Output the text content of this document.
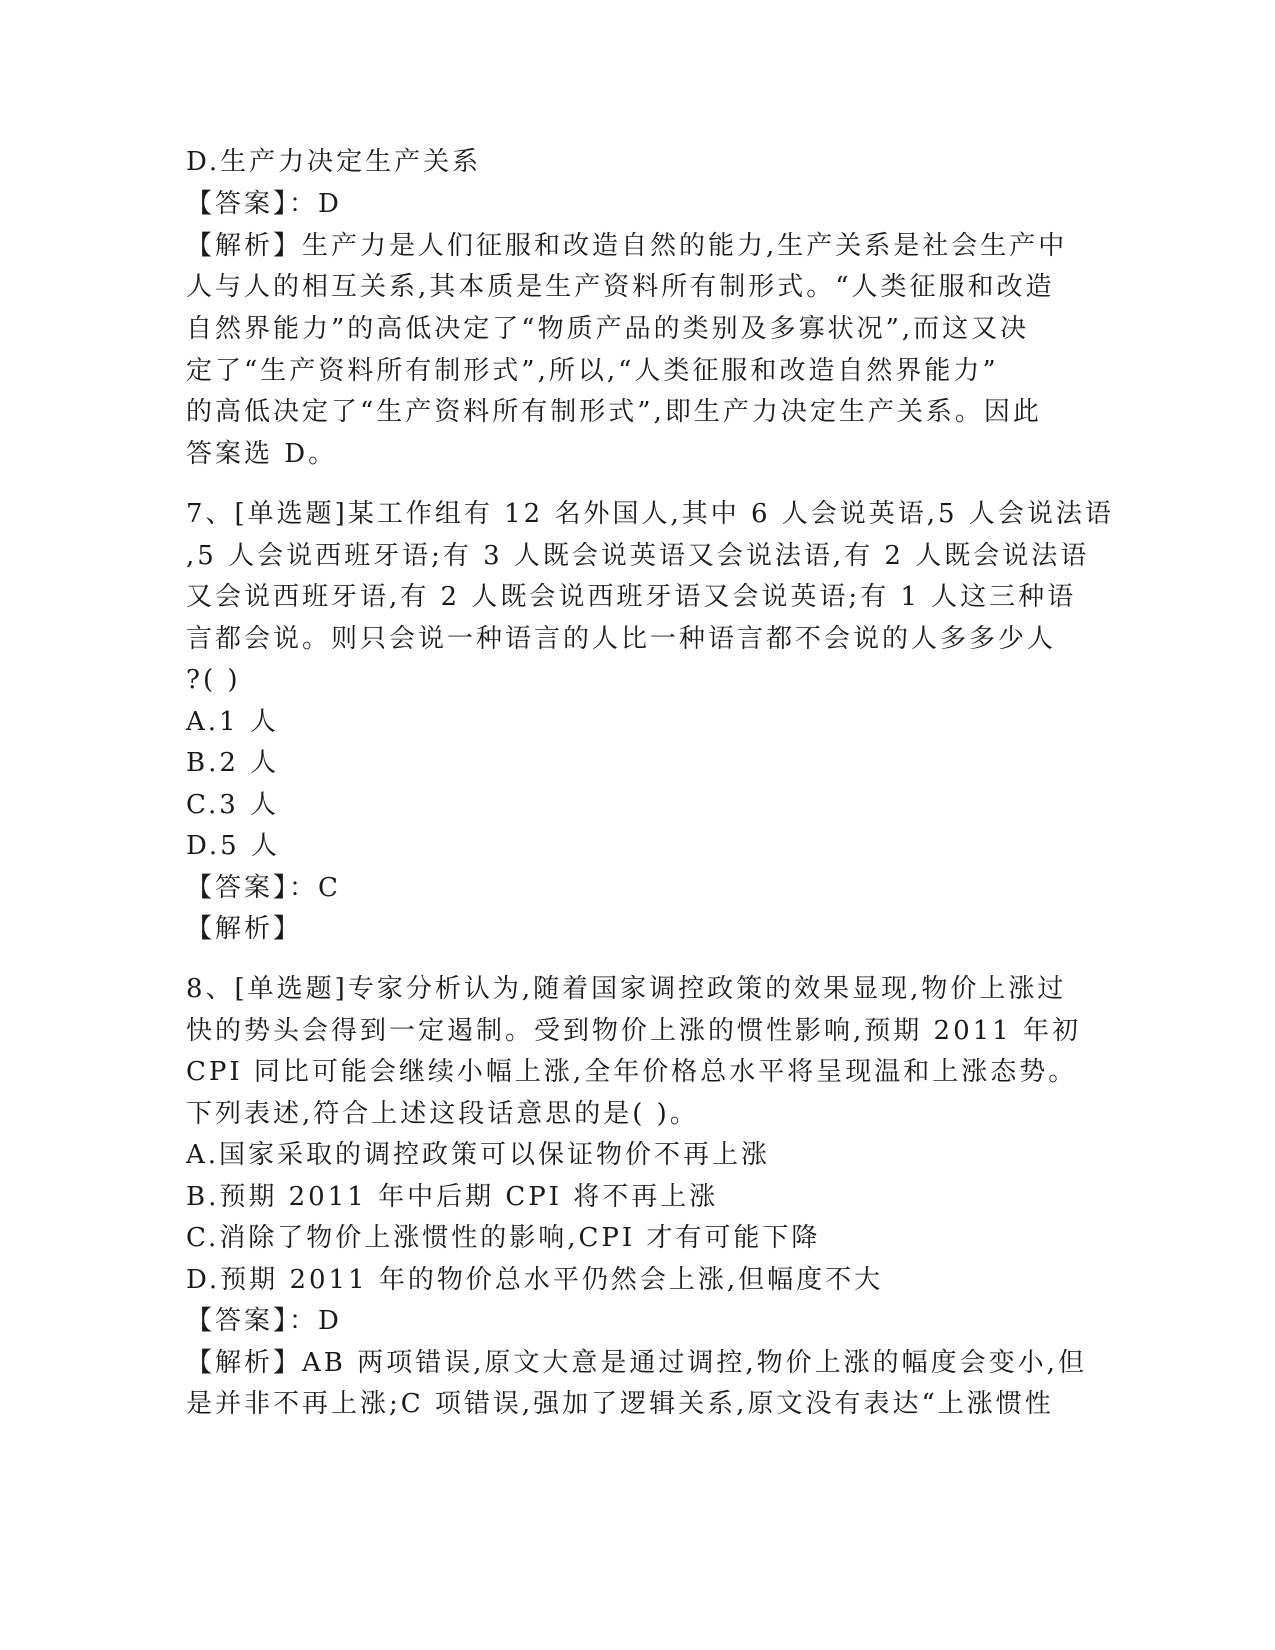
D.生产力决定生产关系
【答案】：D
【解析】生产力是人们征服和改造自然的能力,生产关系是社会生产中
人与人的相互关系,其本质是生产资料所有制形式。“人类征服和改造
自然界能力”的高低决定了“物质产品的类别及多寡状况”,而这又决
定了“生产资料所有制形式”,所以,“人类征服和改造自然界能力”
的高低决定了“生产资料所有制形式”,即生产力决定生产关系。因此
答案选 D。
7、[单选题]某工作组有 12 名外国人,其中 6 人会说英语,5 人会说法语
,5 人会说西班牙语;有 3 人既会说英语又会说法语,有 2 人既会说法语
又会说西班牙语,有 2 人既会说西班牙语又会说英语;有 1 人这三种语
言都会说。则只会说一种语言的人比一种语言都不会说的人多多少人
?( )
A.1 人
B.2 人
C.3 人
D.5 人
【答案】：C
【解析】
8、[单选题]专家分析认为,随着国家调控政策的效果显现,物价上涨过
快的势头会得到一定遏制。受到物价上涨的惯性影响,预期 2011 年初
CPI 同比可能会继续小幅上涨,全年价格总水平将呈现温和上涨态势。
下列表述,符合上述这段话意思的是( )。
A.国家采取的调控政策可以保证物价不再上涨
B.预期 2011 年中后期 CPI 将不再上涨
C.消除了物价上涨惯性的影响,CPI 才有可能下降
D.预期 2011 年的物价总水平仍然会上涨,但幅度不大
【答案】：D
【解析】AB 两项错误,原文大意是通过调控,物价上涨的幅度会变小,但
是并非不再上涨;C 项错误,强加了逻辑关系,原文没有表达“上涨惯性
